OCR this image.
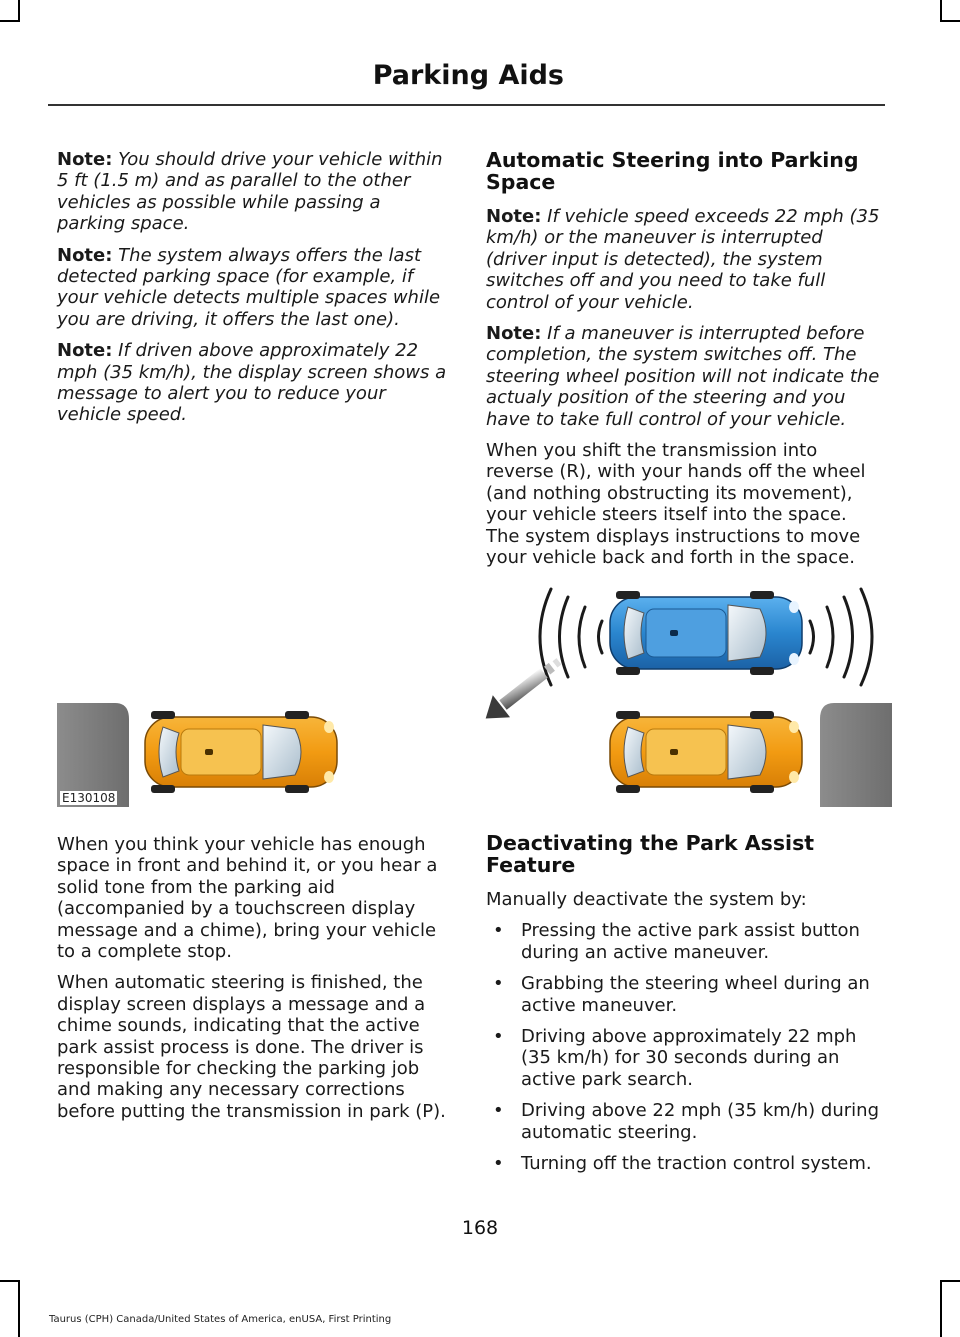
Parking Aids

Note: You should drive your vehicle within 5 ft (1.5 m) and as parallel to the other vehicles as possible while passing a parking space.

Note: The system always offers the last detected parking space (for example, if your vehicle detects multiple spaces while you are driving, it offers the last one).

Note: If driven above approximately 22 mph (35 km/h), the display screen shows a message to alert you to reduce your vehicle speed.

Automatic Steering into Parking Space

Note: If vehicle speed exceeds 22 mph (35 km/h) or the maneuver is interrupted (driver input is detected), the system switches off and you need to take full control of your vehicle.

Note: If a maneuver is interrupted before completion, the system switches off. The steering wheel position will not indicate the actualy position of the steering and you have to take full control of your vehicle.

When you shift the transmission into reverse (R), with your hands off the wheel (and nothing obstructing its movement), your vehicle steers itself into the space. The system displays instructions to move your vehicle back and forth in the space.

E130108

When you think your vehicle has enough space in front and behind it, or you hear a solid tone from the parking aid (accompanied by a touchscreen display message and a chime), bring your vehicle to a complete stop.

When automatic steering is finished, the display screen displays a message and a chime sounds, indicating that the active park assist process is done. The driver is responsible for checking the parking job and making any necessary corrections before putting the transmission in park (P).

Deactivating the Park Assist Feature

Manually deactivate the system by:

• Pressing the active park assist button during an active maneuver.
• Grabbing the steering wheel during an active maneuver.
• Driving above approximately 22 mph (35 km/h) for 30 seconds during an active park search.
• Driving above 22 mph (35 km/h) during automatic steering.
• Turning off the traction control system.
168
Taurus (CPH) Canada/United States of America, enUSA, First Printing
